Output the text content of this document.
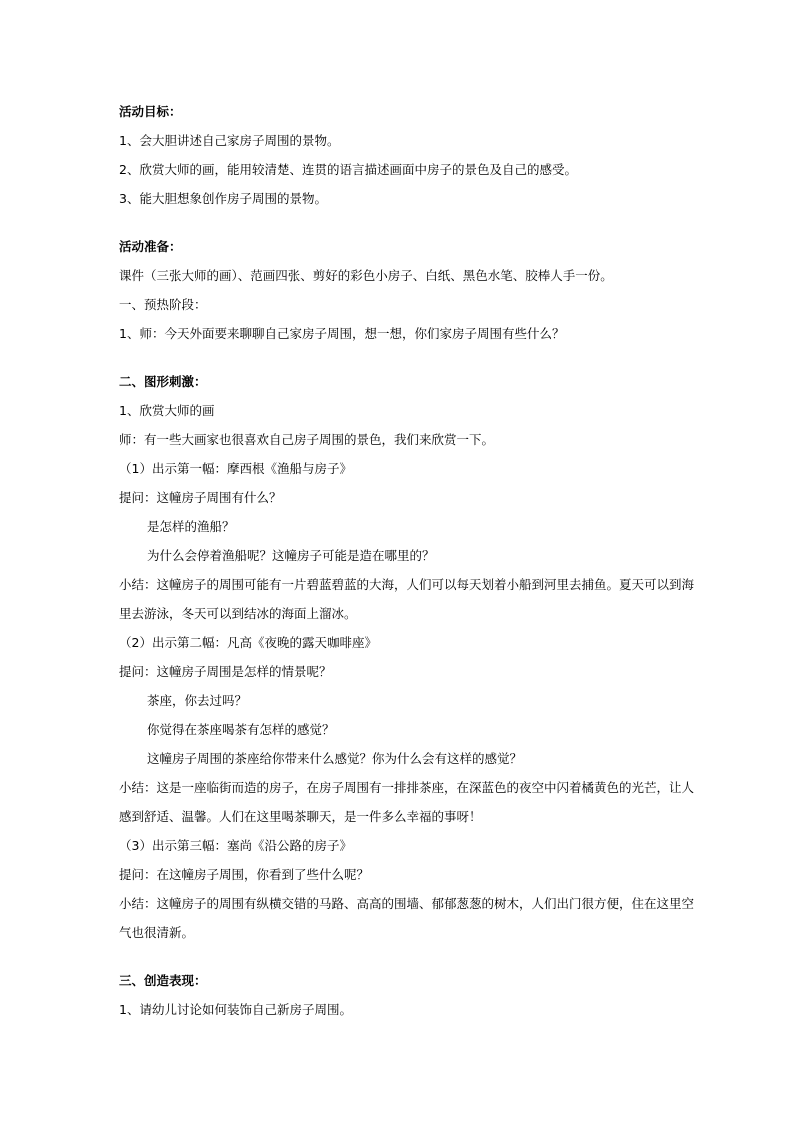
活动目标：
1、会大胆讲述自己家房子周围的景物。
2、欣赏大师的画，能用较清楚、连贯的语言描述画面中房子的景色及自己的感受。
3、能大胆想象创作房子周围的景物。
活动准备：
课件（三张大师的画）、范画四张、剪好的彩色小房子、白纸、黑色水笔、胶棒人手一份。
一、预热阶段：
1、师：今天外面要来聊聊自己家房子周围，想一想，你们家房子周围有些什么？
二、图形刺激：
1、欣赏大师的画
师：有一些大画家也很喜欢自己房子周围的景色，我们来欣赏一下。
（1）出示第一幅：摩西根《渔船与房子》
提问：这幢房子周围有什么？
是怎样的渔船？
为什么会停着渔船呢？这幢房子可能是造在哪里的？
小结：这幢房子的周围可能有一片碧蓝碧蓝的大海，人们可以每天划着小船到河里去捕鱼。夏天可以到海
里去游泳，冬天可以到结冰的海面上溜冰。
（2）出示第二幅：凡高《夜晚的露天咖啡座》
提问：这幢房子周围是怎样的情景呢？
茶座，你去过吗？
你觉得在茶座喝茶有怎样的感觉？
这幢房子周围的茶座给你带来什么感觉？你为什么会有这样的感觉？
小结：这是一座临街而造的房子，在房子周围有一排排茶座，在深蓝色的夜空中闪着橘黄色的光芒，让人
感到舒适、温馨。人们在这里喝茶聊天，是一件多么幸福的事呀！
（3）出示第三幅：塞尚《沿公路的房子》
提问：在这幢房子周围，你看到了些什么呢？
小结：这幢房子的周围有纵横交错的马路、高高的围墙、郁郁葱葱的树木，人们出门很方便，住在这里空
气也很清新。
三、创造表现：
1、请幼儿讨论如何装饰自己新房子周围。
